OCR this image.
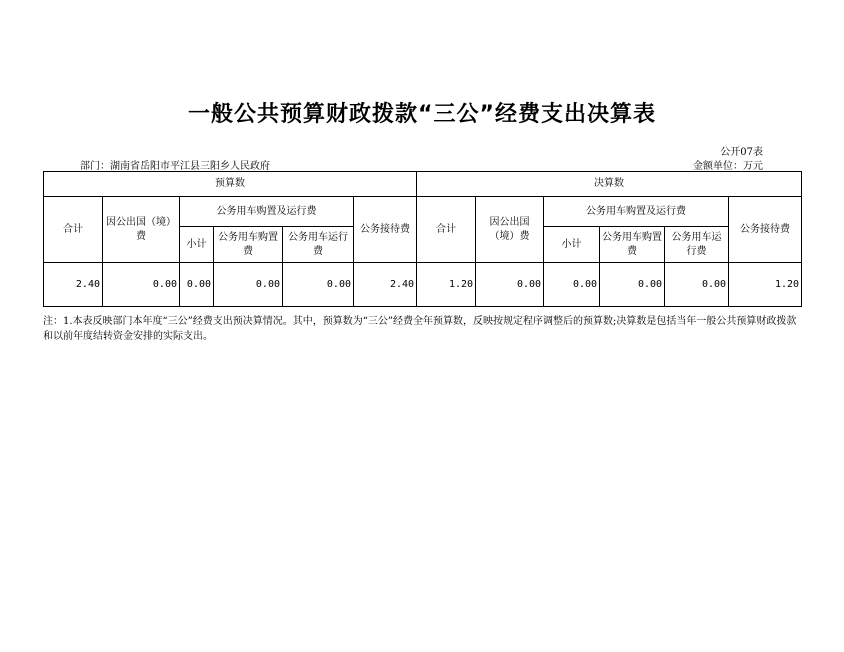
一般公共预算财政拨款“三公”经费支出决算表
公开07表
部门：湖南省岳阳市平江县三阳乡人民政府	金额单位：万元
预算数						决算数					
合计	因公出国（境）费	公务用车购置及运行费			公务接待费	合计	因公出国（境）费	公务用车购置及运行费			公务接待费
		小计	公务用车购置费	公务用车运行费				小计	公务用车购置费	公务用车运行费	
2.40	0.00	0.00	0.00	0.00	2.40	1.20	0.00	0.00	0.00	0.00	1.20
注：1.本表反映部门本年度“三公”经费支出预决算情况。其中，预算数为“三公”经费全年预算数，反映按规定程序调整后的预算数;决算数是包括当年一般公共预算财政拨款和以前年度结转资金安排的实际支出。
